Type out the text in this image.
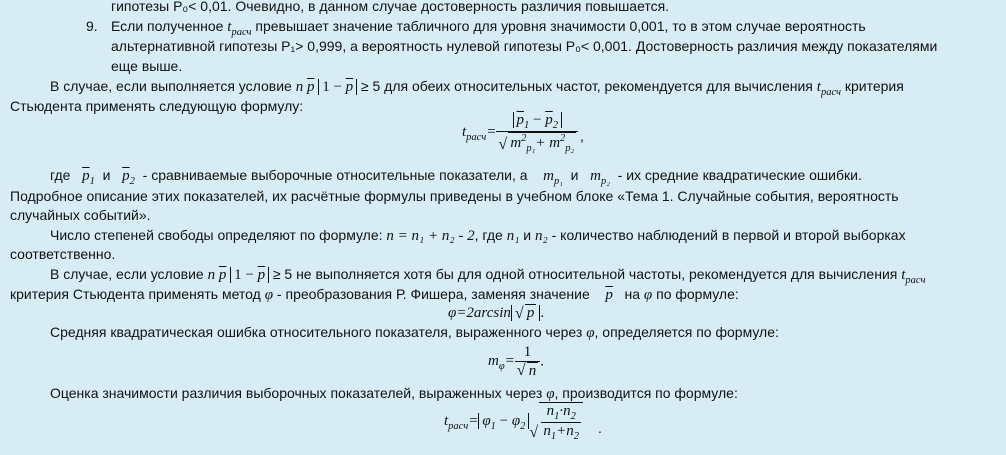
гипотезы P₀< 0,01. Очевидно, в данном случае достоверность различия повышается.
9. Если полученное $t_{расч}$ превышает значение табличного для уровня значимости 0,001, то в этом случае вероятность
альтернативной гипотезы P₁> 0,999, а вероятность нулевой гипотезы P₀< 0,001. Достоверность различия между показателями
еще выше.
В случае, если выполняется условие n $\overline{p}$ $1 - \overline{p} \ge 5$ для обеих относительных частот, рекомендуется для вычисления $t_{расч}$ критерия
Стьюдента применять следующую формулу:
$t_{расч}= \overline{p}_1 - \overline{p}_2$
√ $m^2_{p_1}+ m^2_{p_2}$ ,
где $\overline{p}_1$ и $\overline{p}_2$ - сравниваемые выборочные относительные показатели, а $m_{p_1}$ и $m_{p_2}$ - их средние квадратические ошибки.
Подробное описание этих показателей, их расчётные формулы приведены в учебном блоке «Тема 1. Случайные события, вероятность
случайных событий».
Число степеней свободы определяют по формуле: n = n₁ + n₂ - 2, где n₁ и n₂ - количество наблюдений в первой и второй выборках
соответственно.
В случае, если условие n $\overline{p}$ $1 - \overline{p} \ge 5$ не выполняется хотя бы для одной относительной частоты, рекомендуется для вычисления $t_{расч}$
критерия Стьюдента применять метод φ - преобразования Р. Фишера, заменяя значение $\overline{p}$ на φ по формуле:
φ=2arcsin √ $\overline{p}$ .
Средняя квадратическая ошибка относительного показателя, выраженного через φ, определяется по формуле:
$m_\varphi= 1$
√ n .
Оценка значимости различия выборочных показателей, выраженных через φ, производится по формуле:
$t_{расч}= \varphi_1 - \varphi_2$ √ $\frac{n_1\cdot n_2}{n_1+n_2}$ .
